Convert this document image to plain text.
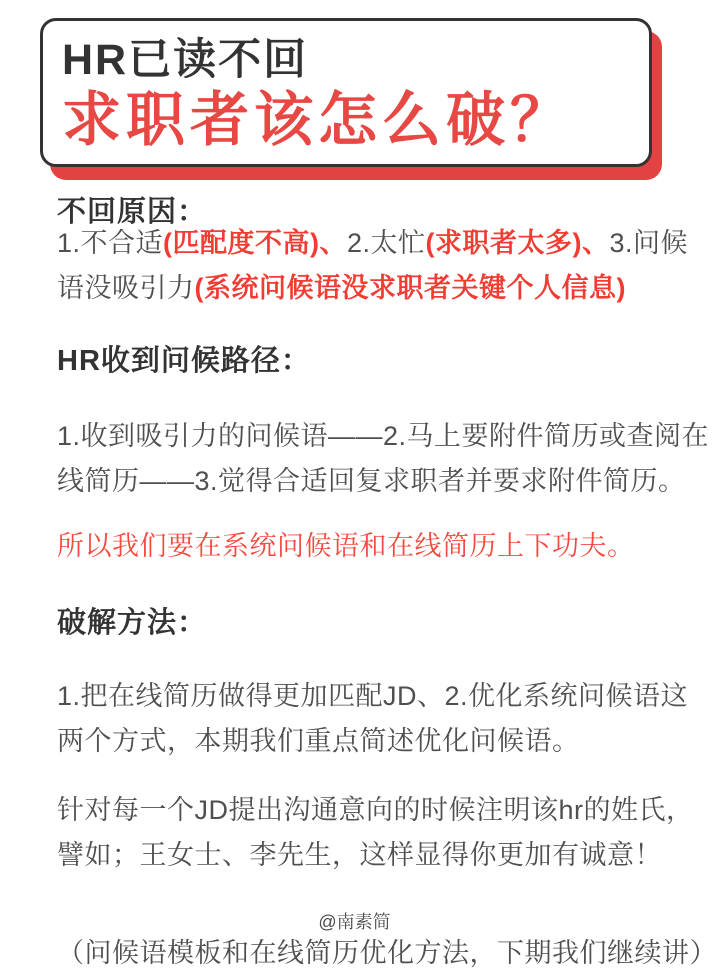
HR已读不回
求职者该怎么破？
不回原因：
1.不合适(匹配度不高)、2.太忙(求职者太多)、3.问候
语没吸引力(系统问候语没求职者关键个人信息)
HR收到问候路径：
1.收到吸引力的问候语——2.马上要附件简历或查阅在
线简历——3.觉得合适回复求职者并要求附件简历。
所以我们要在系统问候语和在线简历上下功夫。
破解方法：
1.把在线简历做得更加匹配JD、2.优化系统问候语这
两个方式，本期我们重点简述优化问候语。
针对每一个JD提出沟通意向的时候注明该hr的姓氏，
譬如；王女士、李先生，这样显得你更加有诚意！
@南素简
（问候语模板和在线简历优化方法，下期我们继续讲）
